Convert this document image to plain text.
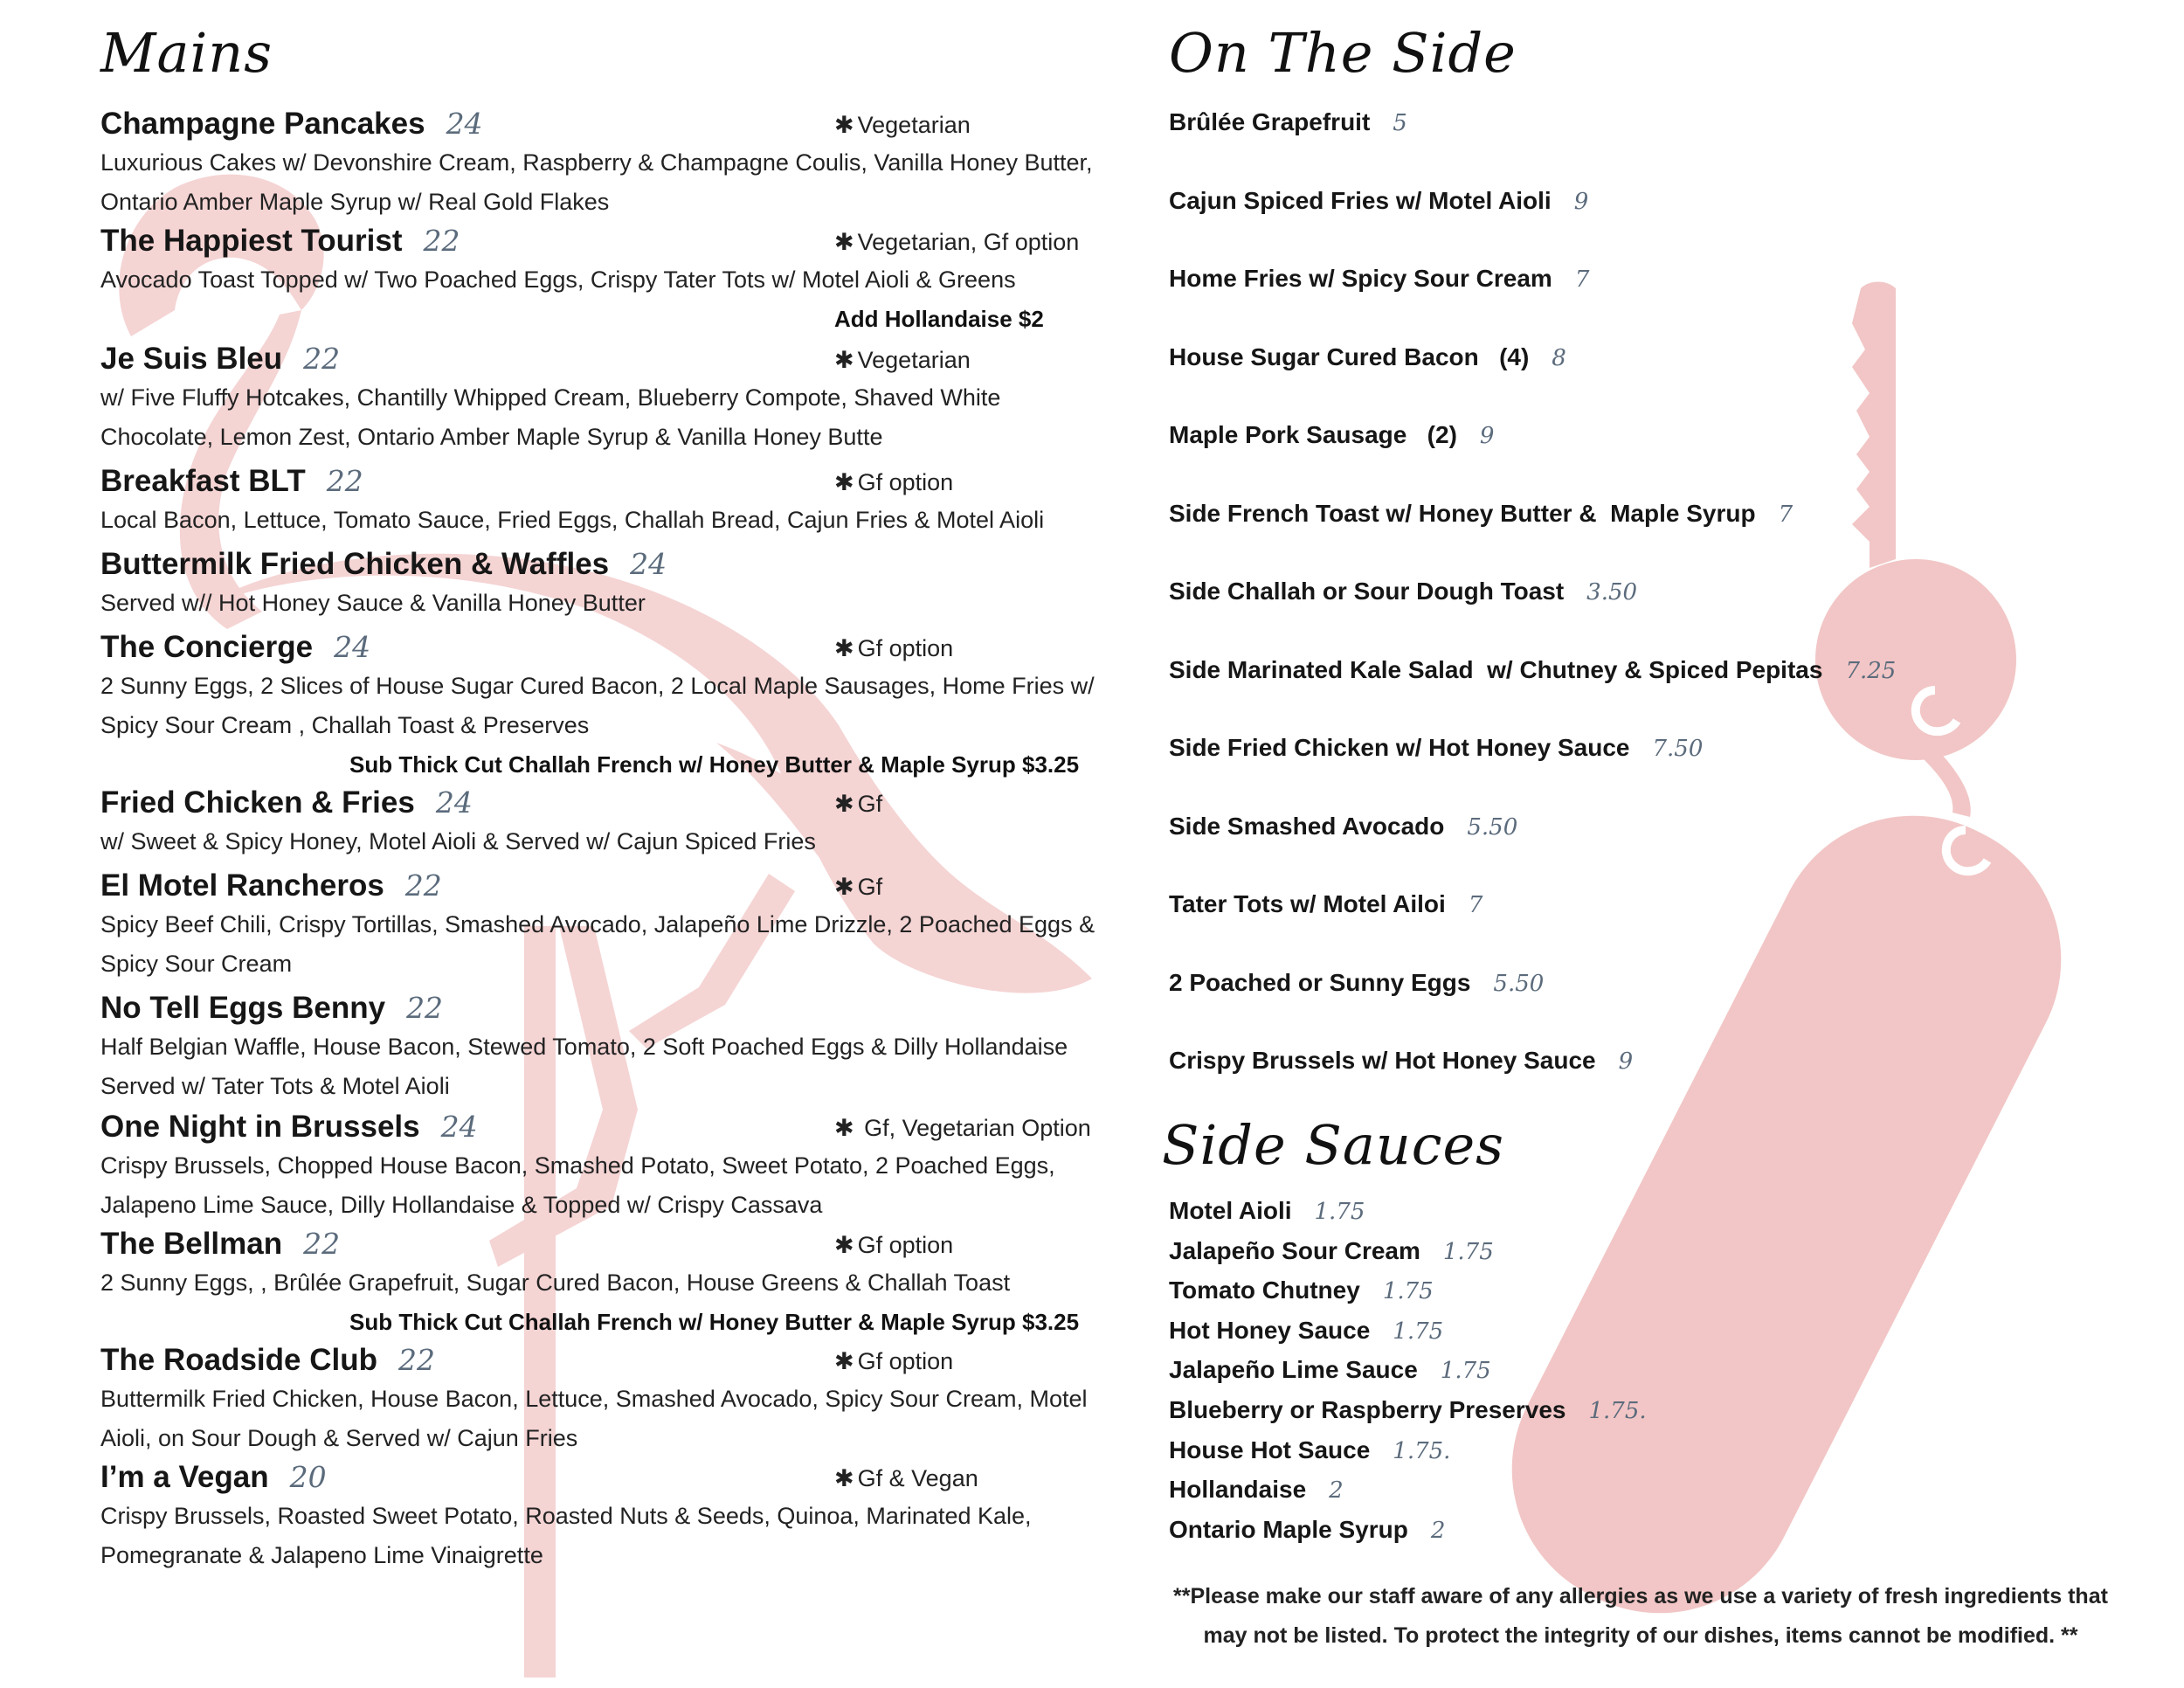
Mains
Champagne Pancakes 24	✱ Vegetarian
Luxurious Cakes w/ Devonshire Cream, Raspberry & Champagne Coulis, Vanilla Honey Butter, Ontario Amber Maple Syrup w/ Real Gold Flakes
The Happiest Tourist 22	✱ Vegetarian, Gf option
Avocado Toast Topped w/ Two Poached Eggs, Crispy Tater Tots w/ Motel Aioli & Greens
Add Hollandaise $2
Je Suis Bleu 22	✱ Vegetarian
w/ Five Fluffy Hotcakes, Chantilly Whipped Cream, Blueberry Compote, Shaved White Chocolate, Lemon Zest, Ontario Amber Maple Syrup & Vanilla Honey Butte
Breakfast BLT 22	✱ Gf option
Local Bacon, Lettuce, Tomato Sauce, Fried Eggs, Challah Bread, Cajun Fries & Motel Aioli
Buttermilk Fried Chicken & Waffles 24
Served w// Hot Honey Sauce & Vanilla Honey Butter
The Concierge 24	✱ Gf option
2 Sunny Eggs, 2 Slices of House Sugar Cured Bacon, 2 Local Maple Sausages, Home Fries w/ Spicy Sour Cream , Challah Toast & Preserves
Sub Thick Cut Challah French w/ Honey Butter & Maple Syrup $3.25
Fried Chicken & Fries 24	✱ Gf
w/ Sweet & Spicy Honey, Motel Aioli & Served w/ Cajun Spiced Fries
El Motel Rancheros 22	✱ Gf
Spicy Beef Chili, Crispy Tortillas, Smashed Avocado, Jalapeño Lime Drizzle, 2 Poached Eggs & Spicy Sour Cream
No Tell Eggs Benny 22
Half Belgian Waffle, House Bacon, Stewed Tomato, 2 Soft Poached Eggs & Dilly Hollandaise Served w/ Tater Tots & Motel Aioli
One Night in Brussels 24	✱ Gf, Vegetarian Option
Crispy Brussels, Chopped House Bacon, Smashed Potato, Sweet Potato, 2 Poached Eggs, Jalapeno Lime Sauce, Dilly Hollandaise & Topped w/ Crispy Cassava
The Bellman 22	✱ Gf option
2 Sunny Eggs, , Brûlée Grapefruit, Sugar Cured Bacon, House Greens & Challah Toast
Sub Thick Cut Challah French w/ Honey Butter & Maple Syrup $3.25
The Roadside Club 22	✱ Gf option
Buttermilk Fried Chicken, House Bacon, Lettuce, Smashed Avocado, Spicy Sour Cream, Motel Aioli, on Sour Dough & Served w/ Cajun Fries
I’m a Vegan 20	✱ Gf & Vegan
Crispy Brussels, Roasted Sweet Potato, Roasted Nuts & Seeds, Quinoa, Marinated Kale, Pomegranate & Jalapeno Lime Vinaigrette
On The Side
Brûlée Grapefruit 5
Cajun Spiced Fries w/ Motel Aioli 9
Home Fries w/ Spicy Sour Cream 7
House Sugar Cured Bacon   (4) 8
Maple Pork Sausage   (2) 9
Side French Toast w/ Honey Butter &  Maple Syrup 7
Side Challah or Sour Dough Toast 3.50
Side Marinated Kale Salad  w/ Chutney & Spiced Pepitas 7.25
Side Fried Chicken w/ Hot Honey Sauce 7.50
Side Smashed Avocado 5.50
Tater Tots w/ Motel Ailoi 7
2 Poached or Sunny Eggs 5.50
Crispy Brussels w/ Hot Honey Sauce 9
Side Sauces
Motel Aioli 1.75
Jalapeño Sour Cream 1.75
Tomato Chutney 1.75
Hot Honey Sauce 1.75
Jalapeño Lime Sauce 1.75
Blueberry or Raspberry Preserves 1.75.
House Hot Sauce 1.75.
Hollandaise 2
Ontario Maple Syrup 2
**Please make our staff aware of any allergies as we use a variety of fresh ingredients that may not be listed. To protect the integrity of our dishes, items cannot be modified. **
